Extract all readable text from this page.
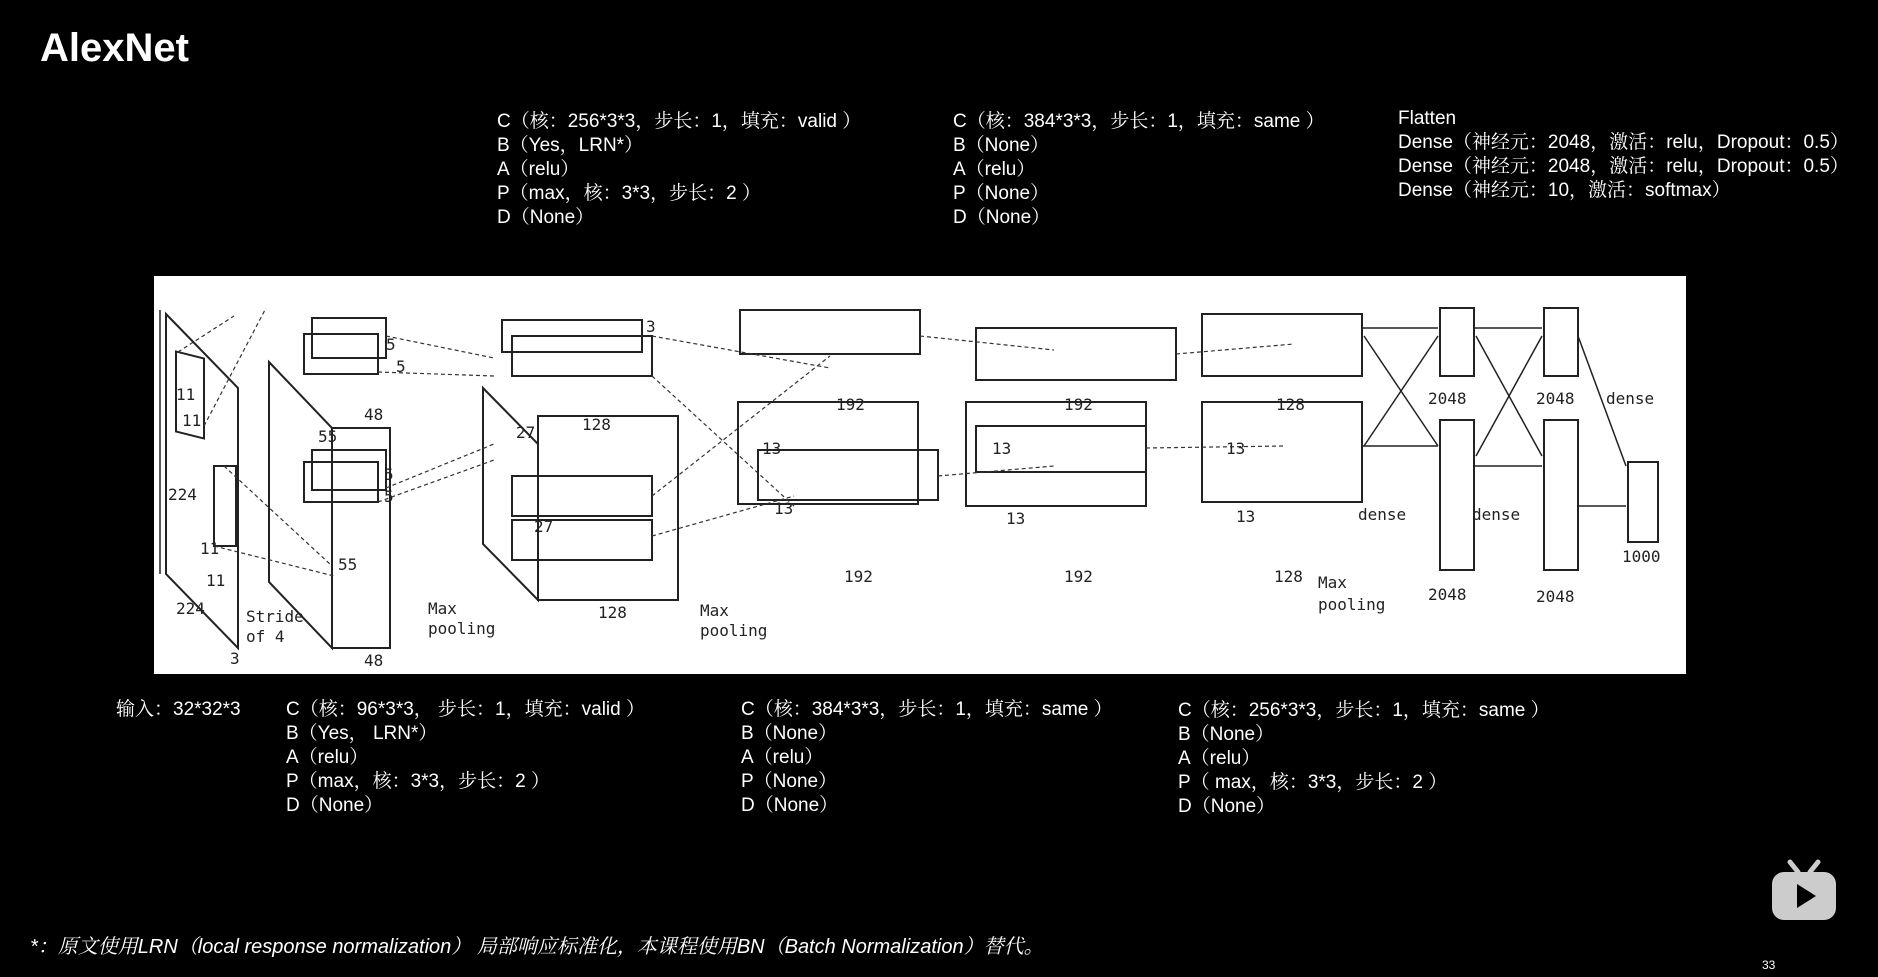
AlexNet
C（核：256*3*3，步长：1，填充：valid ）
B（Yes，LRN*）
A（relu）
P（max，核：3*3，步长：2 ）
D（None）
C（核：384*3*3，步长：1，填充：same ）
B（None）
A（relu）
P（None）
D（None）
Flatten
Dense（神经元：2048，激活：relu，Dropout：0.5）
Dense（神经元：2048，激活：relu，Dropout：0.5）
Dense（神经元：10，激活：softmax）
224
224
3
11
11
11
11
Stride
of 4
55
55
48
48
5
5
5
5
Max
pooling
27
27
128
128
3
Max
pooling
13
13
192
192
13
13
192
192
13
13
128
128 Max
pooling
2048
2048
2048
2048
dense	dense
dense
1000
输入：32*32*3 C（核：96*3*3， 步长：1，填充：valid ）
B（Yes， LRN*）
A（relu）
P（max，核：3*3，步长：2 ）
D（None）
C（核：384*3*3，步长：1，填充：same ）
B（None）
A（relu）
P（None）
D（None）
C（核：256*3*3，步长：1，填充：same ）
B（None）
A（relu）
P（ max，核：3*3，步长：2 ）
D（None）
*：原文使用LRN（local response normalization） 局部响应标准化，本课程使用BN（Batch Normalization）替代。
33
